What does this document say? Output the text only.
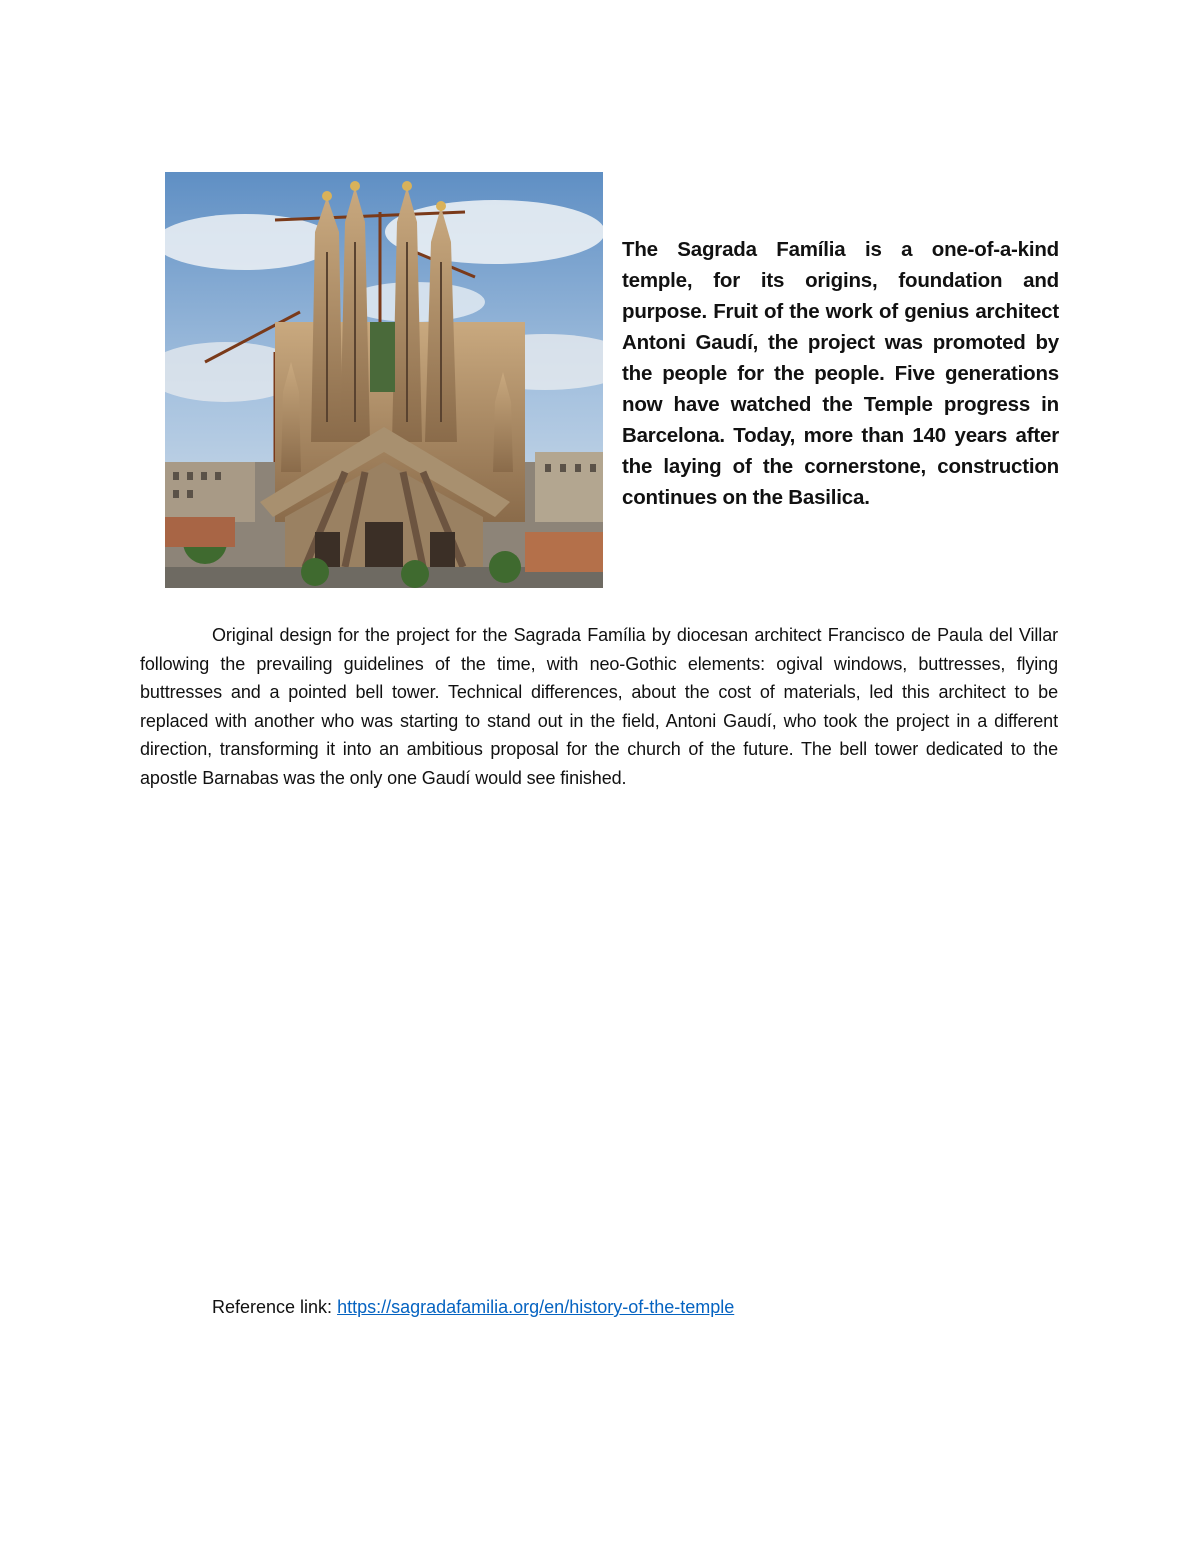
The Sagrada Família is a one-of-a-kind temple, for its origins, foundation and purpose. Fruit of the work of genius architect Antoni Gaudí, the project was promoted by the people for the people. Five generations now have watched the Temple progress in Barcelona. Today, more than 140 years after the laying of the cornerstone, construction continues on the Basilica.

Original design for the project for the Sagrada Família by diocesan architect Francisco de Paula del Villar following the prevailing guidelines of the time, with neo-Gothic elements: ogival windows, buttresses, flying buttresses and a pointed bell tower. Technical differences, about the cost of materials, led this architect to be replaced with another who was starting to stand out in the field, Antoni Gaudí, who took the project in a different direction, transforming it into an ambitious proposal for the church of the future. The bell tower dedicated to the apostle Barnabas was the only one Gaudí would see finished.

Reference link: https://sagradafamilia.org/en/history-of-the-temple
